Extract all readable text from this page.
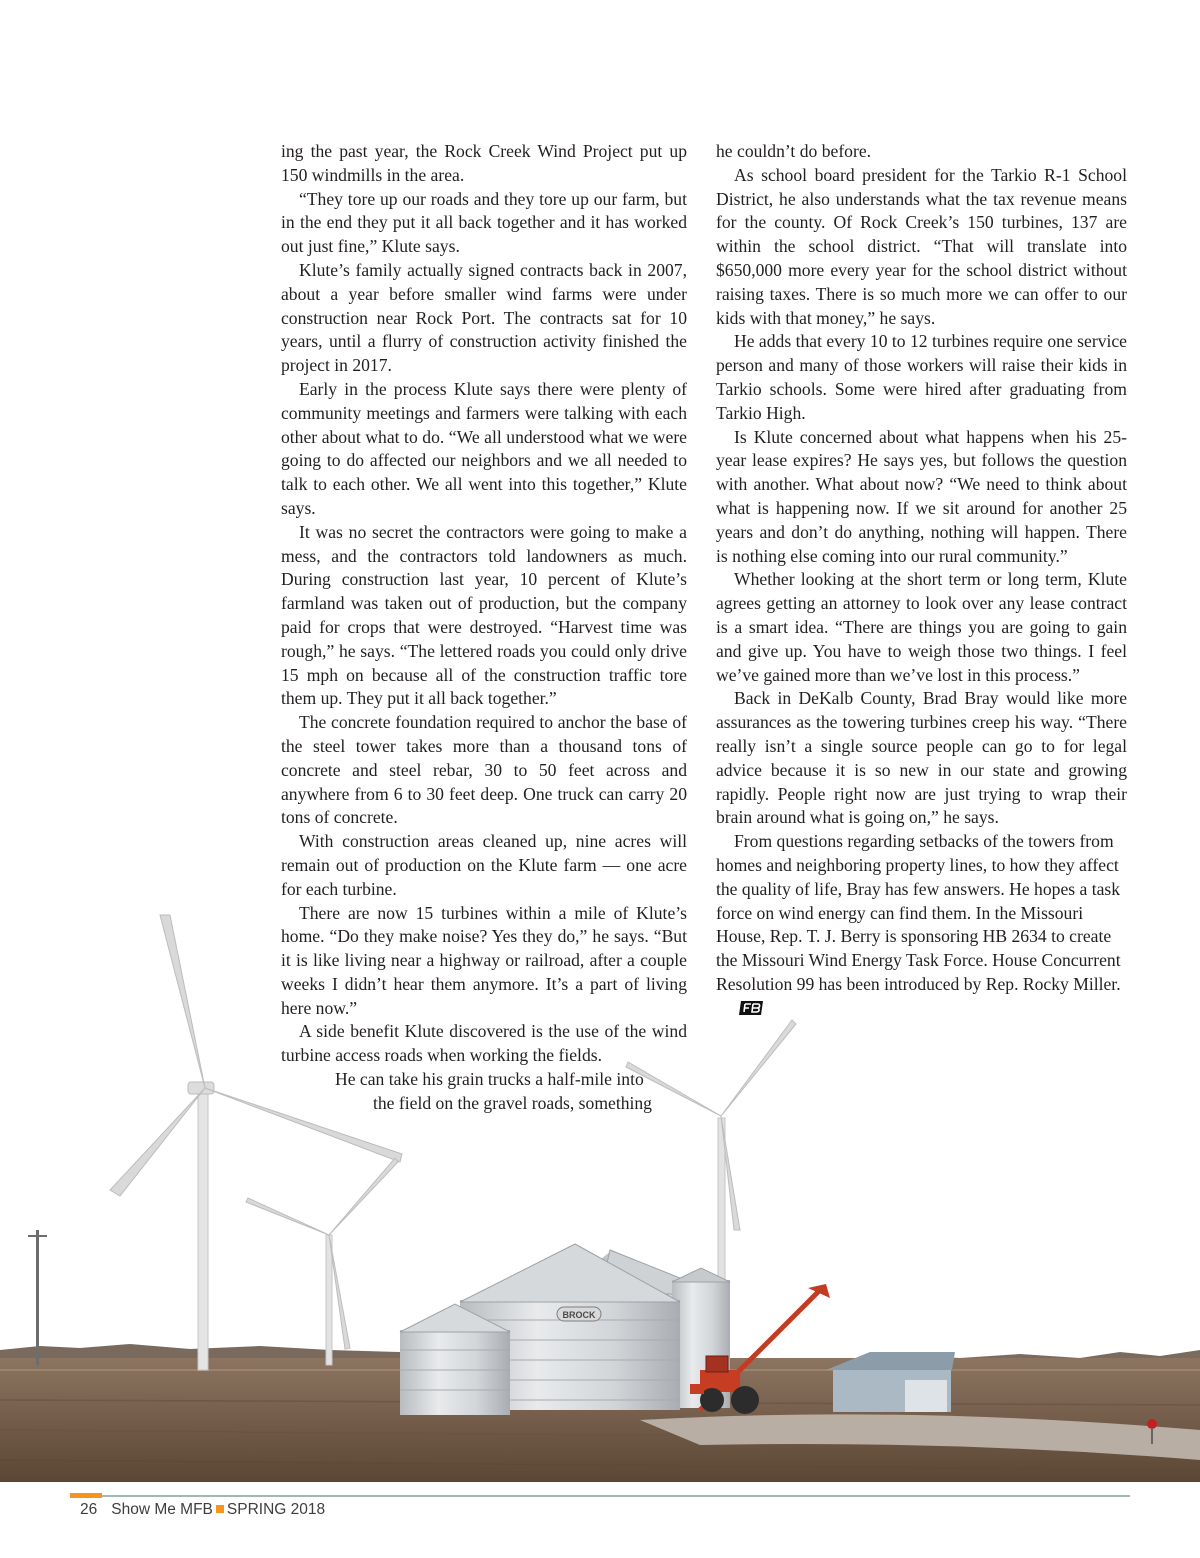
BROCK

ing the past year, the Rock Creek Wind Project put up 150 windmills in the area.

“They tore up our roads and they tore up our farm, but in the end they put it all back together and it has worked out just fine,” Klute says.

Klute’s family actually signed contracts back in 2007, about a year before smaller wind farms were under construction near Rock Port. The contracts sat for 10 years, until a flurry of construction activity finished the project in 2017.

Early in the process Klute says there were plenty of community meetings and farmers were talking with each other about what to do. “We all understood what we were going to do affected our neighbors and we all needed to talk to each other. We all went into this together,” Klute says.

It was no secret the contractors were going to make a mess, and the contractors told landowners as much. During construction last year, 10 percent of Klute’s farmland was taken out of production, but the company paid for crops that were destroyed. “Harvest time was rough,” he says. “The lettered roads you could only drive 15 mph on because all of the construction traffic tore them up. They put it all back together.”

The concrete foundation required to anchor the base of the steel tower takes more than a thousand tons of concrete and steel rebar, 30 to 50 feet across and anywhere from 6 to 30 feet deep. One truck can carry 20 tons of concrete.

With construction areas cleaned up, nine acres will remain out of production on the Klute farm — one acre for each turbine.

There are now 15 turbines within a mile of Klute’s home. “Do they make noise? Yes they do,” he says. “But it is like living near a highway or railroad, after a couple weeks I didn’t hear them anymore. It’s a part of living here now.”

A side benefit Klute discovered is the use of the wind turbine access roads when working the fields.

He can take his grain trucks a half-mile into

the field on the gravel roads, something

he couldn’t do before.

As school board president for the Tarkio R-1 School District, he also understands what the tax revenue means for the county. Of Rock Creek’s 150 turbines, 137 are within the school district. “That will translate into $650,000 more every year for the school district without raising taxes. There is so much more we can offer to our kids with that money,” he says.

He adds that every 10 to 12 turbines require one service person and many of those workers will raise their kids in Tarkio schools. Some were hired after graduating from Tarkio High.

Is Klute concerned about what happens when his 25-year lease expires? He says yes, but follows the question with another. What about now? “We need to think about what is happening now. If we sit around for another 25 years and don’t do anything, nothing will happen. There is nothing else coming into our rural community.”

Whether looking at the short term or long term, Klute agrees getting an attorney to look over any lease contract is a smart idea. “There are things you are going to gain and give up. You have to weigh those two things. I feel we’ve gained more than we’ve lost in this process.”

Back in DeKalb County, Brad Bray would like more assurances as the towering turbines creep his way. “There really isn’t a single source people can go to for legal advice because it is so new in our state and growing rapidly. People right now are just trying to wrap their brain around what is going on,” he says.

From questions regarding setbacks of the towers from homes and neighboring property lines, to how they affect the quality of life, Bray has few answers. He hopes a task force on wind energy can find them. In the Missouri House, Rep. T. J. Berry is sponsoring HB 2634 to create the Missouri Wind Energy Task Force. House Concurrent Resolution 99 has been introduced by Rep. Rocky Miller.

26 Show Me MFB SPRING 2018
